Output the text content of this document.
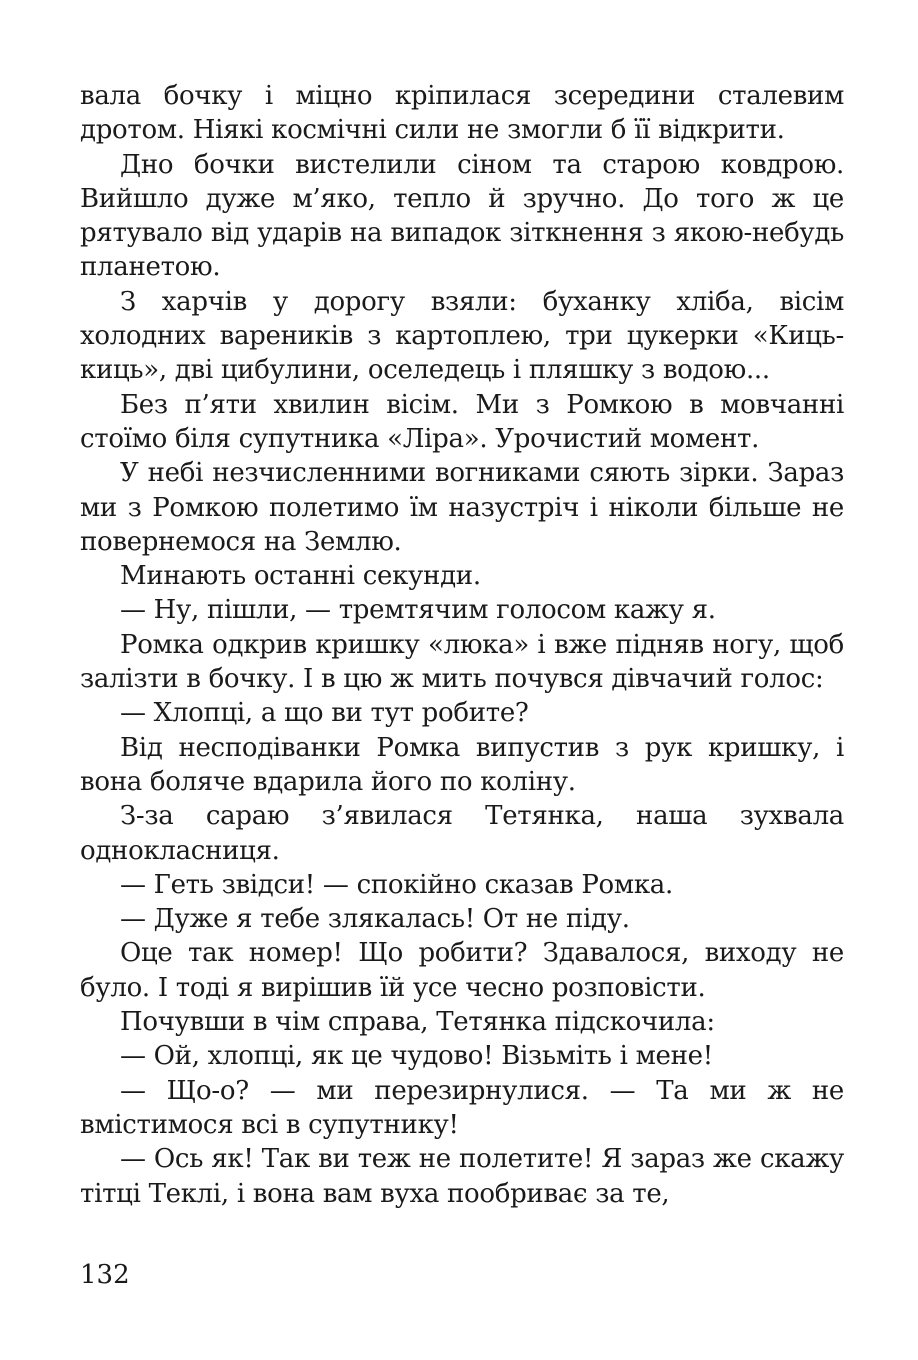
вала бочку і міцно кріпилася зсередини сталевим дротом. Ніякі космічні сили не змогли б її відкрити.

Дно бочки вистелили сіном та старою ковдрою. Вийшло дуже м’яко, тепло й зручно. До того ж це рятувало від ударів на випадок зіткнення з якою-небудь планетою.

З харчів у дорогу взяли: буханку хліба, вісім холодних вареників з картоплею, три цукерки «Киць-киць», дві цибулини, оселедець і пляшку з водою...

Без п’яти хвилин вісім. Ми з Ромкою в мовчанні стоїмо біля супутника «Ліра». Урочистий момент.

У небі незчисленними вогниками сяють зірки. Зараз ми з Ромкою полетимо їм назустріч і ніколи більше не повернемося на Землю.

Минають останні секунди.

— Ну, пішли, — тремтячим голосом кажу я.

Ромка одкрив кришку «люка» і вже підняв ногу, щоб залізти в бочку. І в цю ж мить почувся дівчачий голос:

— Хлопці, а що ви тут робите?

Від несподіванки Ромка випустив з рук кришку, і вона боляче вдарила його по коліну.

З-за сараю з’явилася Тетянка, наша зухвала однокласниця.

— Геть звідси! — спокійно сказав Ромка.

— Дуже я тебе злякалась! От не піду.

Оце так номер! Що робити? Здавалося, виходу не було. І тоді я вирішив їй усе чесно розповісти.

Почувши в чім справа, Тетянка підскочила:

— Ой, хлопці, як це чудово! Візьміть і мене!

— Що-о? — ми перезирнулися. — Та ми ж не вмістимося всі в супутнику!

— Ось як! Так ви теж не полетите! Я зараз же скажу тітці Теклі, і вона вам вуха пообриває за те,

132
